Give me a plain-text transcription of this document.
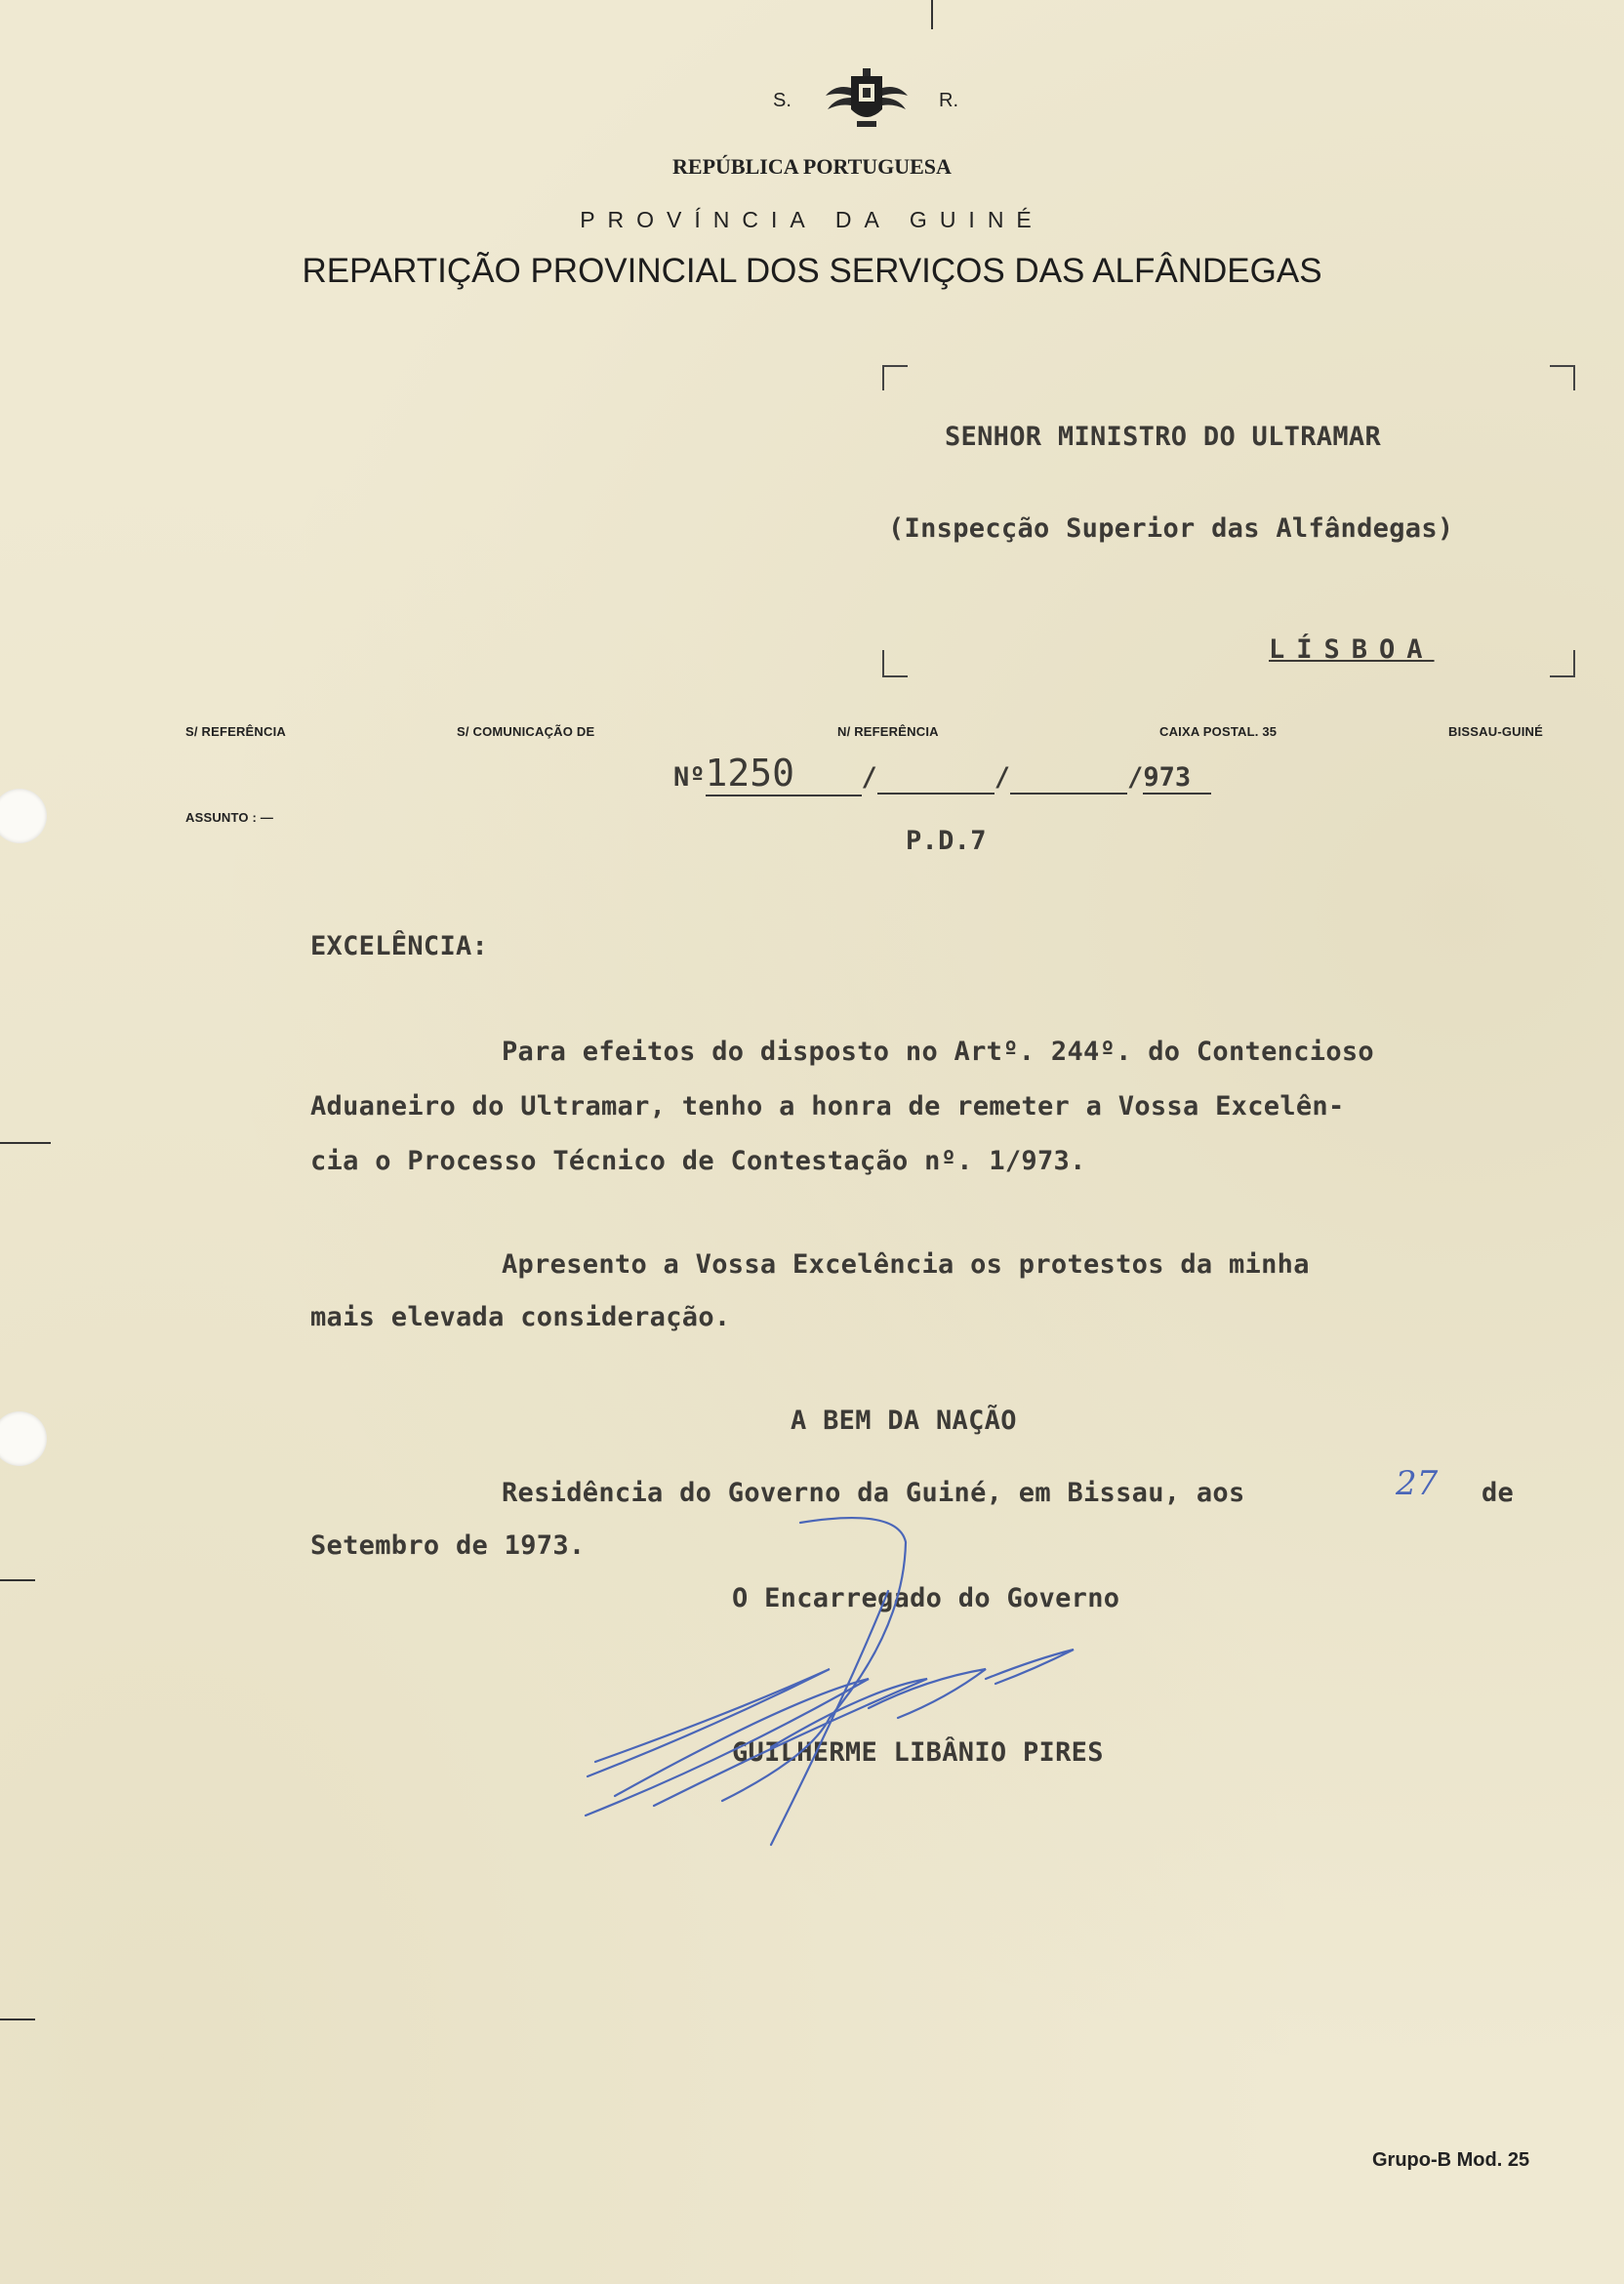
S.	R.
REPÚBLICA PORTUGUESA
PROVÍNCIA DA GUINÉ
REPARTIÇÃO PROVINCIAL DOS SERVIÇOS DAS ALFÂNDEGAS
SENHOR MINISTRO DO ULTRAMAR
(Inspecção Superior das Alfândegas)
LÍSBOA
S/ REFERÊNCIA	S/ COMUNICAÇÃO DE	N/ REFERÊNCIA	CAIXA POSTAL. 35	BISSAU-GUINÉ
ASSUNTO : —
Nº1250	/	/	/973
P.D.7
EXCELÊNCIA:
Para efeitos do disposto no Artº. 244º. do Contencioso
Aduaneiro do Ultramar, tenho a honra de remeter a Vossa Excelên-
cia o Processo Técnico de Contestação nº. 1/973.
Apresento a Vossa Excelência os protestos da minha
mais elevada consideração.
A BEM DA NAÇÃO
Residência do Governo da Guiné, em Bissau, aos	27 de
Setembro de 1973.
O Encarregado do Governo
GUILHERME LIBÂNIO PIRES
Grupo-B Mod. 25
